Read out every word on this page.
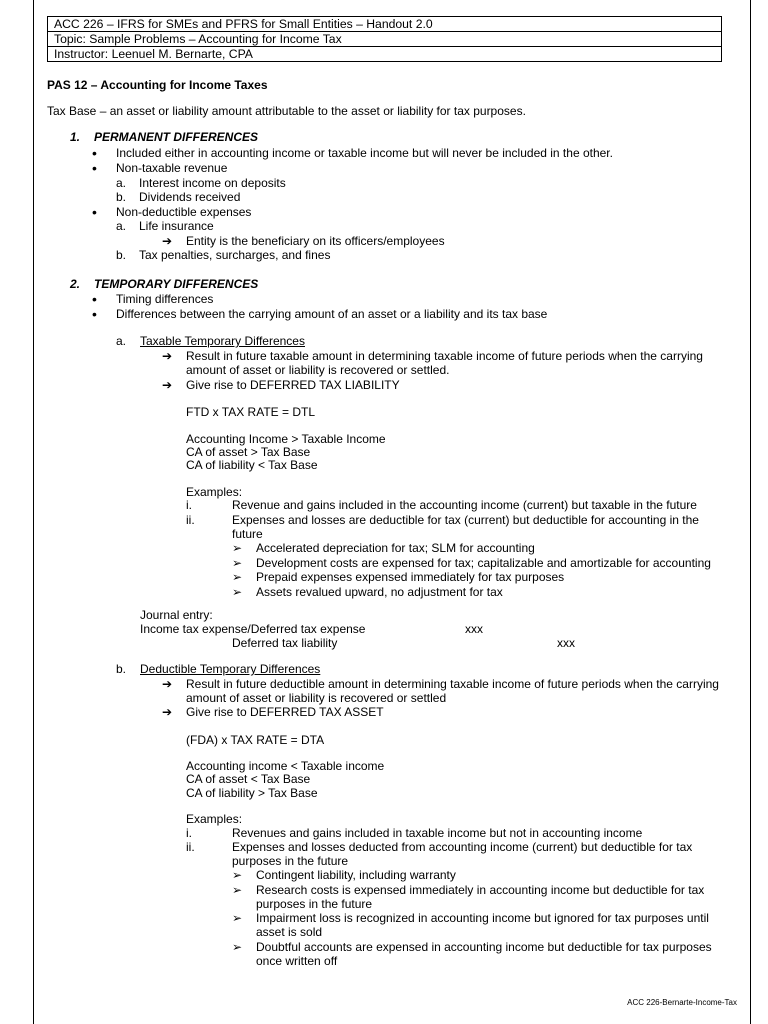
ACC 226 – IFRS for SMEs and PFRS for Small Entities – Handout 2.0
Topic: Sample Problems – Accounting for Income Tax
Instructor: Leenuel M. Bernarte, CPA
PAS 12 – Accounting for Income Taxes
Tax Base – an asset or liability amount attributable to the asset or liability for tax purposes.
1. PERMANENT DIFFERENCES
• Included either in accounting income or taxable income but will never be included in the other.
• Non-taxable revenue
a. Interest income on deposits
b. Dividends received
• Non-deductible expenses
a. Life insurance
➔ Entity is the beneficiary on its officers/employees
b. Tax penalties, surcharges, and fines
2. TEMPORARY DIFFERENCES
• Timing differences
• Differences between the carrying amount of an asset or a liability and its tax base
a. Taxable Temporary Differences
➔ Result in future taxable amount in determining taxable income of future periods when the carrying
amount of asset or liability is recovered or settled.
➔ Give rise to DEFERRED TAX LIABILITY
FTD x TAX RATE = DTL
Accounting Income > Taxable Income
CA of asset > Tax Base
CA of liability < Tax Base
Examples:
i.	Revenue and gains included in the accounting income (current) but taxable in the future
ii.	Expenses and losses are deductible for tax (current) but deductible for accounting in the
future
➢ Accelerated depreciation for tax; SLM for accounting
➢ Development costs are expensed for tax; capitalizable and amortizable for accounting
➢ Prepaid expenses expensed immediately for tax purposes
➢ Assets revalued upward, no adjustment for tax
Journal entry:
Income tax expense/Deferred tax expense	xxx
Deferred tax liability	xxx
b. Deductible Temporary Differences
➔ Result in future deductible amount in determining taxable income of future periods when the carrying
amount of asset or liability is recovered or settled
➔ Give rise to DEFERRED TAX ASSET
(FDA) x TAX RATE = DTA
Accounting income < Taxable income
CA of asset < Tax Base
CA of liability > Tax Base
Examples:
i.	Revenues and gains included in taxable income but not in accounting income
ii.	Expenses and losses deducted from accounting income (current) but deductible for tax
purposes in the future
➢ Contingent liability, including warranty
➢ Research costs is expensed immediately in accounting income but deductible for tax
purposes in the future
➢ Impairment loss is recognized in accounting income but ignored for tax purposes until
asset is sold
➢ Doubtful accounts are expensed in accounting income but deductible for tax purposes
once written off
ACC 226-Bernarte-Income-Tax
